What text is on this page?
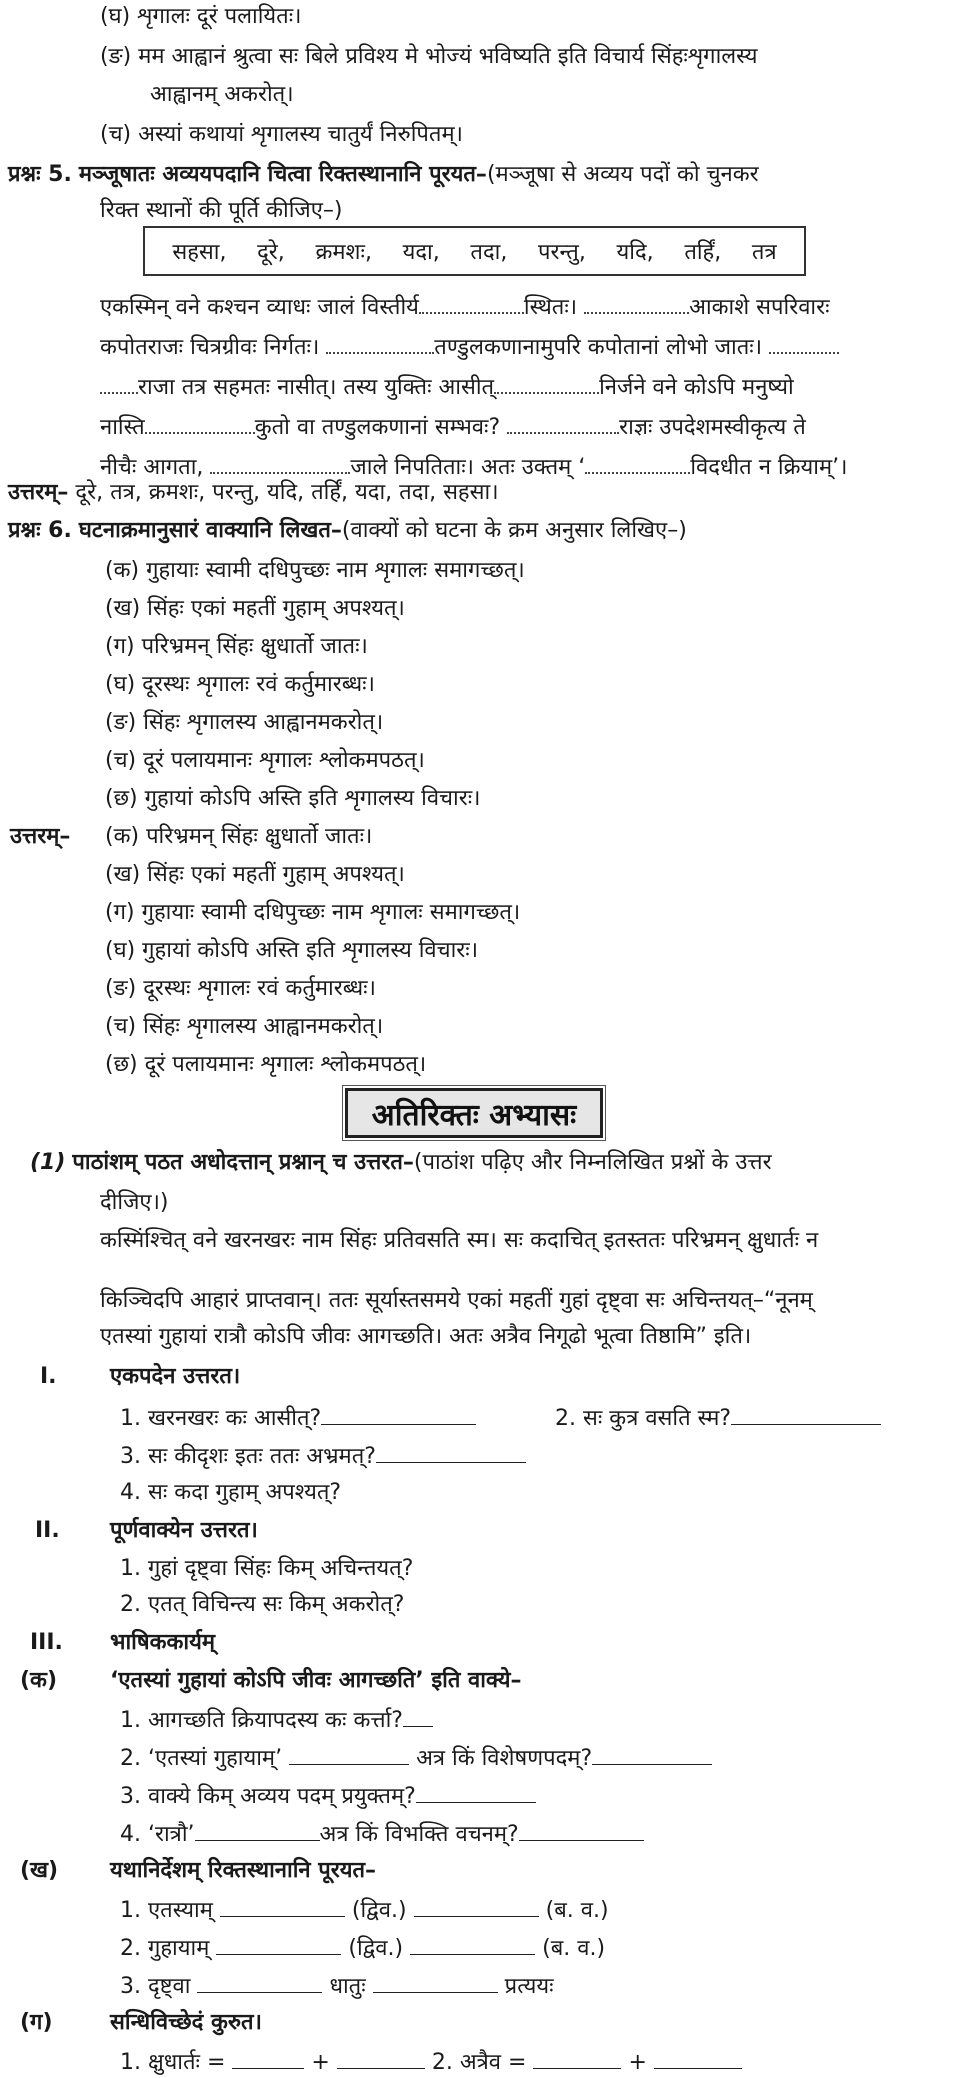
(घ) शृगालः दूरं पलायितः।
(ङ) मम आह्वानं श्रुत्वा सः बिले प्रविश्य मे भोज्यं भविष्यति इति विचार्य सिंहःशृगालस्य
आह्वानम् अकरोत्।
(च) अस्यां कथायां शृगालस्य चातुर्यं निरुपितम्।
प्रश्नः 5. मञ्जूषातः अव्ययपदानि चित्वा रिक्तस्थानानि पूरयत–(मञ्जूषा से अव्यय पदों को चुनकर
रिक्त स्थानों की पूर्ति कीजिए–)
सहसा, दूरे, क्रमशः, यदा, तदा, परन्तु, यदि, तर्हिं, तत्र
एकस्मिन् वने कश्चन व्याधः जालं विस्तीर्य	स्थितः।	आकाशे सपरिवारः
कपोतराजः चित्रग्रीवः निर्गतः।	तण्डुलकणानामुपरि कपोतानां लोभो जातः।
राजा तत्र सहमतः नासीत्। तस्य युक्तिः आसीत्	निर्जने वने कोऽपि मनुष्यो
नास्ति	कुतो वा तण्डुलकणानां सम्भवः?	राज्ञः उपदेशमस्वीकृत्य ते
नीचैः आगता,	जाले निपतिताः। अतः उक्तम् ‘	विदधीत न क्रियाम्’।
उत्तरम्– दूरे, तत्र, क्रमशः, परन्तु, यदि, तर्हिं, यदा, तदा, सहसा।
प्रश्नः 6. घटनाक्रमानुसारं वाक्यानि लिखत–(वाक्यों को घटना के क्रम अनुसार लिखिए–)
(क) गुहायाः स्वामी दधिपुच्छः नाम शृगालः समागच्छत्।
(ख) सिंहः एकां महतीं गुहाम् अपश्यत्।
(ग) परिभ्रमन् सिंहः क्षुधार्तो जातः।
(घ) दूरस्थः शृगालः रवं कर्तुमारब्धः।
(ङ) सिंहः शृगालस्य आह्वानमकरोत्।
(च) दूरं पलायमानः शृगालः श्लोकमपठत्।
(छ) गुहायां कोऽपि अस्ति इति शृगालस्य विचारः।
उत्तरम्– (क) परिभ्रमन् सिंहः क्षुधार्तो जातः।
(ख) सिंहः एकां महतीं गुहाम् अपश्यत्।
(ग) गुहायाः स्वामी दधिपुच्छः नाम शृगालः समागच्छत्।
(घ) गुहायां कोऽपि अस्ति इति शृगालस्य विचारः।
(ङ) दूरस्थः शृगालः रवं कर्तुमारब्धः।
(च) सिंहः शृगालस्य आह्वानमकरोत्।
(छ) दूरं पलायमानः शृगालः श्लोकमपठत्।
अतिरिक्तः अभ्यासः
(1) पाठांशम् पठत अधोदत्तान् प्रश्नान् च उत्तरत–(पाठांश पढ़िए और निम्नलिखित प्रश्नों के उत्तर
दीजिए।)
कस्मिंश्चित् वने खरनखरः नाम सिंहः प्रतिवसति स्म। सः कदाचित् इतस्ततः परिभ्रमन् क्षुधार्तः न
किञ्चिदपि आहारं प्राप्तवान्। ततः सूर्यास्तसमये एकां महतीं गुहां दृष्ट्वा सः अचिन्तयत्–“नूनम्
एतस्यां गुहायां रात्रौ कोऽपि जीवः आगच्छति। अतः अत्रैव निगूढो भूत्वा तिष्ठामि” इति।
I. एकपदेन उत्तरत।
1. खरनखरः कः आसीत्?	2. सः कुत्र वसति स्म?
3. सः कीदृशः इतः ततः अभ्रमत्?
4. सः कदा गुहाम् अपश्यत्?
II. पूर्णवाक्येन उत्तरत।
1. गुहां दृष्ट्वा सिंहः किम् अचिन्तयत्?
2. एतत् विचिन्त्य सः किम् अकरोत्?
III. भाषिककार्यम्
(क) ‘एतस्यां गुहायां कोऽपि जीवः आगच्छति’ इति वाक्ये–
1. आगच्छति क्रियापदस्य कः कर्त्ता?
2. ‘एतस्यां गुहायाम्’	अत्र किं विशेषणपदम्?
3. वाक्ये किम् अव्यय पदम् प्रयुक्तम्?
4. ‘रात्रौ’	अत्र किं विभक्ति वचनम्?
(ख) यथानिर्देशम् रिक्तस्थानानि पूरयत–
1. एतस्याम्	(द्विव.)	(ब. व.)
2. गुहायाम्	(द्विव.)	(ब. व.)
3. दृष्ट्वा	धातुः	प्रत्ययः
(ग)	सन्धिविच्छेदं कुरुत।
1. क्षुधार्तः =	+	2. अत्रैव =	+
